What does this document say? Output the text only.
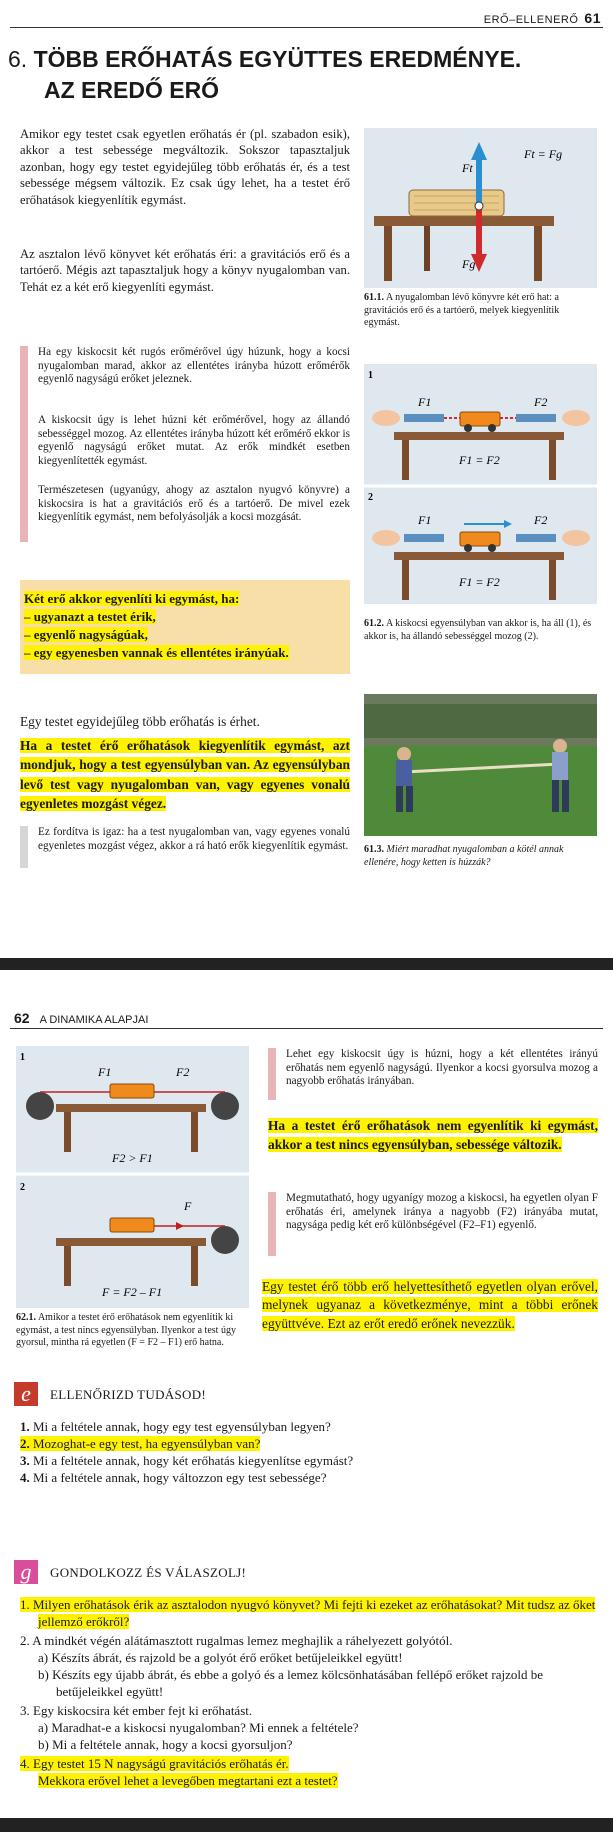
ERŐ–ELLENERŐ 61
6. TÖBB ERŐHATÁS EGYÜTTES EREDMÉNYE.
AZ EREDŐ ERŐ
Amikor egy testet csak egyetlen erőhatás ér (pl. szabadon esik), akkor a test sebessége megváltozik. Sokszor tapasztaljuk azonban, hogy egy testet egyidejűleg több erőhatás ér, és a test sebessége mégsem változik. Ez csak úgy lehet, ha a testet érő erőhatások kiegyenlítik egymást.
Az asztalon lévő könyvet két erőhatás éri: a gravitációs erő és a tartóerő. Mégis azt tapasztaljuk hogy a könyv nyugalomban van. Tehát ez a két erő kiegyenlíti egymást.
Ft
Fg
Ft = Fg
61.1. A nyugalomban lévő könyvre két erő hat: a gravitációs erő és a tartóerő, melyek kiegyenlítik egymást.
Ha egy kiskocsit két rugós erőmérővel úgy húzunk, hogy a kocsi nyugalomban marad, akkor az ellentétes irányba húzott erőmérők egyenlő nagyságú erőket jeleznek.
A kiskocsit úgy is lehet húzni két erőmérővel, hogy az állandó sebességgel mozog. Az ellentétes irányba húzott két erőmérő ekkor is egyenlő nagyságú erőket mutat. Az erők mindkét esetben kiegyenlítették egymást.
Természetesen (ugyanúgy, ahogy az asztalon nyugvó könyvre) a kiskocsira is hat a gravitációs erő és a tartóerő. De mivel ezek kiegyenlítik egymást, nem befolyásolják a kocsi mozgását.
1
F1	F2
F1 = F2
2
F1	F2
F1 = F2
61.2. A kiskocsi egyensúlyban van akkor is, ha áll (1), és akkor is, ha állandó sebességgel mozog (2).
Két erő akkor egyenlíti ki egymást, ha:
– ugyanazt a testet érik,
– egyenlő nagyságúak,
– egy egyenesben vannak és ellentétes irányúak.
Egy testet egyidejűleg több erőhatás is érhet.
Ha a testet érő erőhatások kiegyenlítik egymást, azt mondjuk, hogy a test egyensúlyban van. Az egyensúlyban levő test vagy nyugalomban van, vagy egyenes vonalú egyenletes mozgást végez.
Ez fordítva is igaz: ha a test nyugalomban van, vagy egyenes vonalú egyenletes mozgást végez, akkor a rá ható erők kiegyenlítik egymást. 61.3. Miért maradhat nyugalomban a kötél annak ellenére, hogy ketten is húzzák?
62 A DINAMIKA ALAPJAI
1
F1	F2
F2 > F1
2
F
F = F2 – F1
62.1. Amikor a testet érő erőhatások nem egyenlítik ki egymást, a test nincs egyensúlyban. Ilyenkor a test úgy gyorsul, mintha rá egyetlen (F = F2 – F1) erő hatna.
Lehet egy kiskocsit úgy is húzni, hogy a két ellentétes irányú erőhatás nem egyenlő nagyságú. Ilyenkor a kocsi gyorsulva mozog a nagyobb erőhatás irányában.
Ha a testet érő erőhatások nem egyenlítik ki egymást, akkor a test nincs egyensúlyban, sebessége változik.
Megmutatható, hogy ugyanígy mozog a kiskocsi, ha egyetlen olyan F erőhatás éri, amelynek iránya a nagyobb (F2) irányába mutat, nagysága pedig két erő különbségével (F2–F1) egyenlő.
Egy testet érő több erő helyettesíthető egyetlen olyan erővel, melynek ugyanaz a következménye, mint a többi erőnek együttvéve. Ezt az erőt eredő erőnek nevezzük.
e	ELLENŐRIZD TUDÁSOD!
1. Mi a feltétele annak, hogy egy test egyensúlyban legyen?
2. Mozoghat-e egy test, ha egyensúlyban van?
3. Mi a feltétele annak, hogy két erőhatás kiegyenlítse egymást?
4. Mi a feltétele annak, hogy változzon egy test sebessége?
g	GONDOLKOZZ ÉS VÁLASZOLJ!
1. Milyen erőhatások érik az asztalodon nyugvó könyvet? Mi fejti ki ezeket az erőhatásokat? Mit tudsz az őket jellemző erőkről?
2. A mindkét végén alátámasztott rugalmas lemez meghajlik a ráhelyezett golyótól.
a) Készíts ábrát, és rajzold be a golyót érő erőket betűjeleikkel együtt!
b) Készíts egy újabb ábrát, és ebbe a golyó és a lemez kölcsönhatásában fellépő erőket rajzold be betűjeleikkel együtt!
3. Egy kiskocsira két ember fejt ki erőhatást.
a) Maradhat-e a kiskocsi nyugalomban? Mi ennek a feltétele?
b) Mi a feltétele annak, hogy a kocsi gyorsuljon?
4. Egy testet 15 N nagyságú gravitációs erőhatás ér.
Mekkora erővel lehet a levegőben megtartani ezt a testet?
